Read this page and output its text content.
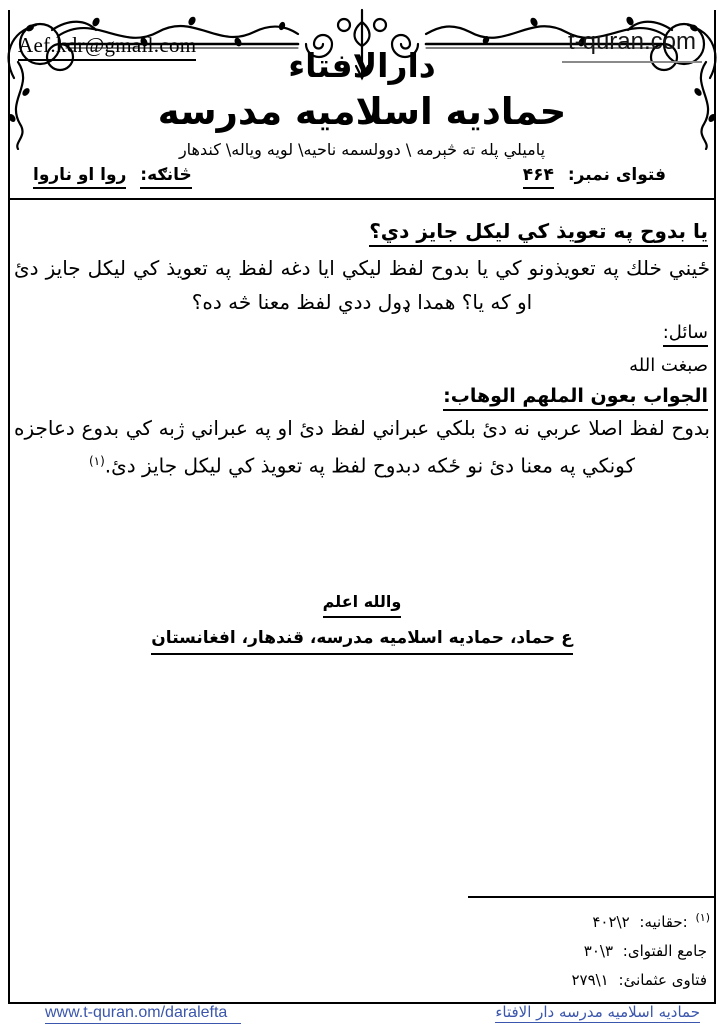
Aef.kdr@gmail.com	t-quran.com
دارالافتاء
حماديه اسلاميه مدرسه
پاميلي پله ته څېرمه \ دوولسمه ناحيه\ لويه وياله\ كندهار
فتوای نمبر: ۴۶۴
څانګه: روا او ناروا
يا بدوح په تعويذ كي ليكل جايز دي؟

ځيني خلك په تعويذونو كي يا بدوح لفظ ليكي ايا دغه لفظ په تعويذ كي ليكل جايز دئ او كه يا؟ همدا ډول ددي لفظ معنا څه ده؟

سائل:
صبغت الله
الجواب بعون الملهم الوهاب:

بدوح لفظ اصلا عربي نه دئ بلكي عبراني لفظ دئ او په عبراني ژبه كي بدوع دعاجزه كونكي په معنا دئ نو ځكه دبدوح لفظ په تعويذ كي ليكل جايز دئ.$^{(۱)}$

والله اعلم
ع حماد، حماديه اسلاميه مدرسه، قندهار، افغانستان
$^{(۱)}$ :حقانيه: ۴۰۲\۲
جامع الفتوای: ۳۰\۳
فتاوی عثمانئ: ۲۷۹\۱
www.t-quran.om/daralefta	حماديه اسلاميه مدرسه دار الافتاء
